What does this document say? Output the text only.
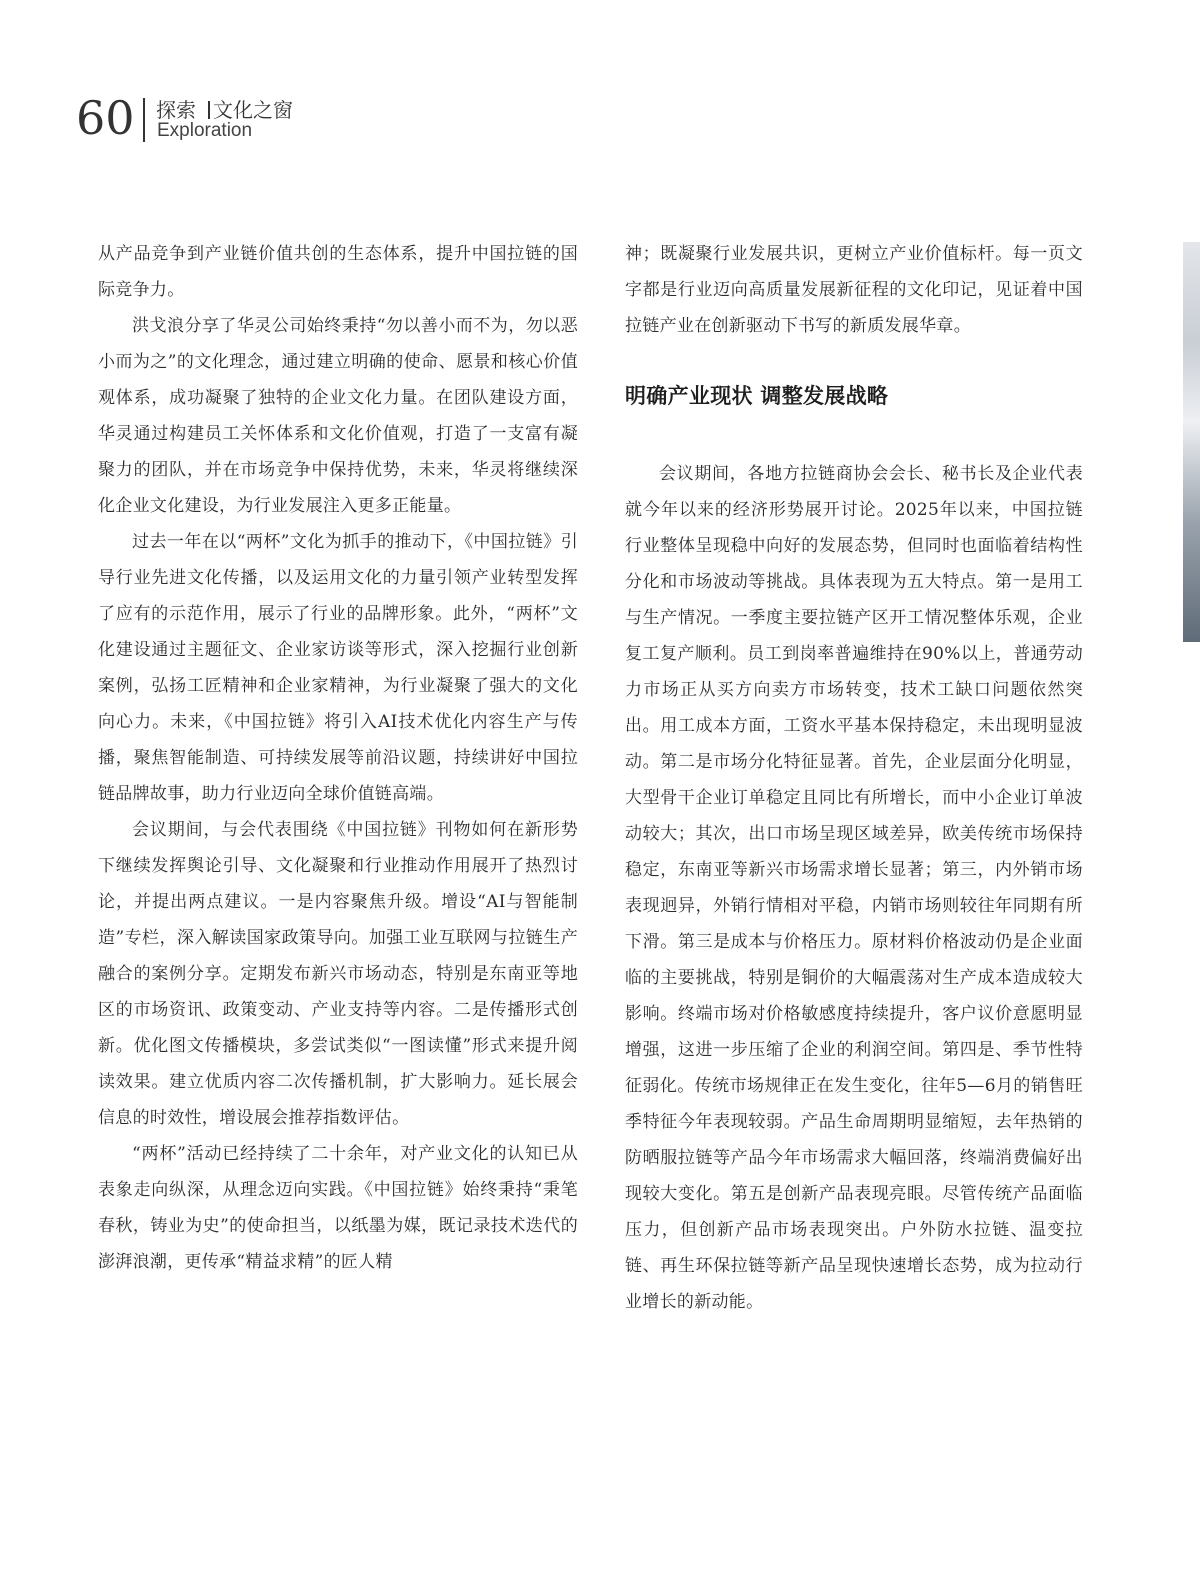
60 探索 文化之窗
Exploration

从产品竞争到产业链价值共创的生态体系，提升中国拉链的国际竞争力。

洪戈浪分享了华灵公司始终秉持“勿以善小而不为，勿以恶小而为之”的文化理念，通过建立明确的使命、愿景和核心价值观体系，成功凝聚了独特的企业文化力量。在团队建设方面，华灵通过构建员工关怀体系和文化价值观，打造了一支富有凝聚力的团队，并在市场竞争中保持优势，未来，华灵将继续深化企业文化建设，为行业发展注入更多正能量。

过去一年在以“两杯”文化为抓手的推动下，《中国拉链》引导行业先进文化传播，以及运用文化的力量引领产业转型发挥了应有的示范作用，展示了行业的品牌形象。此外，“两杯”文化建设通过主题征文、企业家访谈等形式，深入挖掘行业创新案例，弘扬工匠精神和企业家精神，为行业凝聚了强大的文化向心力。未来，《中国拉链》将引入AI技术优化内容生产与传播，聚焦智能制造、可持续发展等前沿议题，持续讲好中国拉链品牌故事，助力行业迈向全球价值链高端。

会议期间，与会代表围绕《中国拉链》刊物如何在新形势下继续发挥舆论引导、文化凝聚和行业推动作用展开了热烈讨论，并提出两点建议。一是内容聚焦升级。增设“AI与智能制造”专栏，深入解读国家政策导向。加强工业互联网与拉链生产融合的案例分享。定期发布新兴市场动态，特别是东南亚等地区的市场资讯、政策变动、产业支持等内容。二是传播形式创新。优化图文传播模块，多尝试类似“一图读懂”形式来提升阅读效果。建立优质内容二次传播机制，扩大影响力。延长展会信息的时效性，增设展会推荐指数评估。

“两杯”活动已经持续了二十余年，对产业文化的认知已从表象走向纵深，从理念迈向实践。《中国拉链》始终秉持“秉笔春秋，铸业为史”的使命担当，以纸墨为媒，既记录技术迭代的澎湃浪潮，更传承“精益求精”的匠人精

神；既凝聚行业发展共识，更树立产业价值标杆。每一页文字都是行业迈向高质量发展新征程的文化印记，见证着中国拉链产业在创新驱动下书写的新质发展华章。

明确产业现状 调整发展战略

会议期间，各地方拉链商协会会长、秘书长及企业代表就今年以来的经济形势展开讨论。2025年以来，中国拉链行业整体呈现稳中向好的发展态势，但同时也面临着结构性分化和市场波动等挑战。具体表现为五大特点。第一是用工与生产情况。一季度主要拉链产区开工情况整体乐观，企业复工复产顺利。员工到岗率普遍维持在90%以上，普通劳动力市场正从买方向卖方市场转变，技术工缺口问题依然突出。用工成本方面，工资水平基本保持稳定，未出现明显波动。第二是市场分化特征显著。首先，企业层面分化明显，大型骨干企业订单稳定且同比有所增长，而中小企业订单波动较大；其次，出口市场呈现区域差异，欧美传统市场保持稳定，东南亚等新兴市场需求增长显著；第三，内外销市场表现迥异，外销行情相对平稳，内销市场则较往年同期有所下滑。第三是成本与价格压力。原材料价格波动仍是企业面临的主要挑战，特别是铜价的大幅震荡对生产成本造成较大影响。终端市场对价格敏感度持续提升，客户议价意愿明显增强，这进一步压缩了企业的利润空间。第四是、季节性特征弱化。传统市场规律正在发生变化，往年5—6月的销售旺季特征今年表现较弱。产品生命周期明显缩短，去年热销的防晒服拉链等产品今年市场需求大幅回落，终端消费偏好出现较大变化。第五是创新产品表现亮眼。尽管传统产品面临压力，但创新产品市场表现突出。户外防水拉链、温变拉链、再生环保拉链等新产品呈现快速增长态势，成为拉动行业增长的新动能。
